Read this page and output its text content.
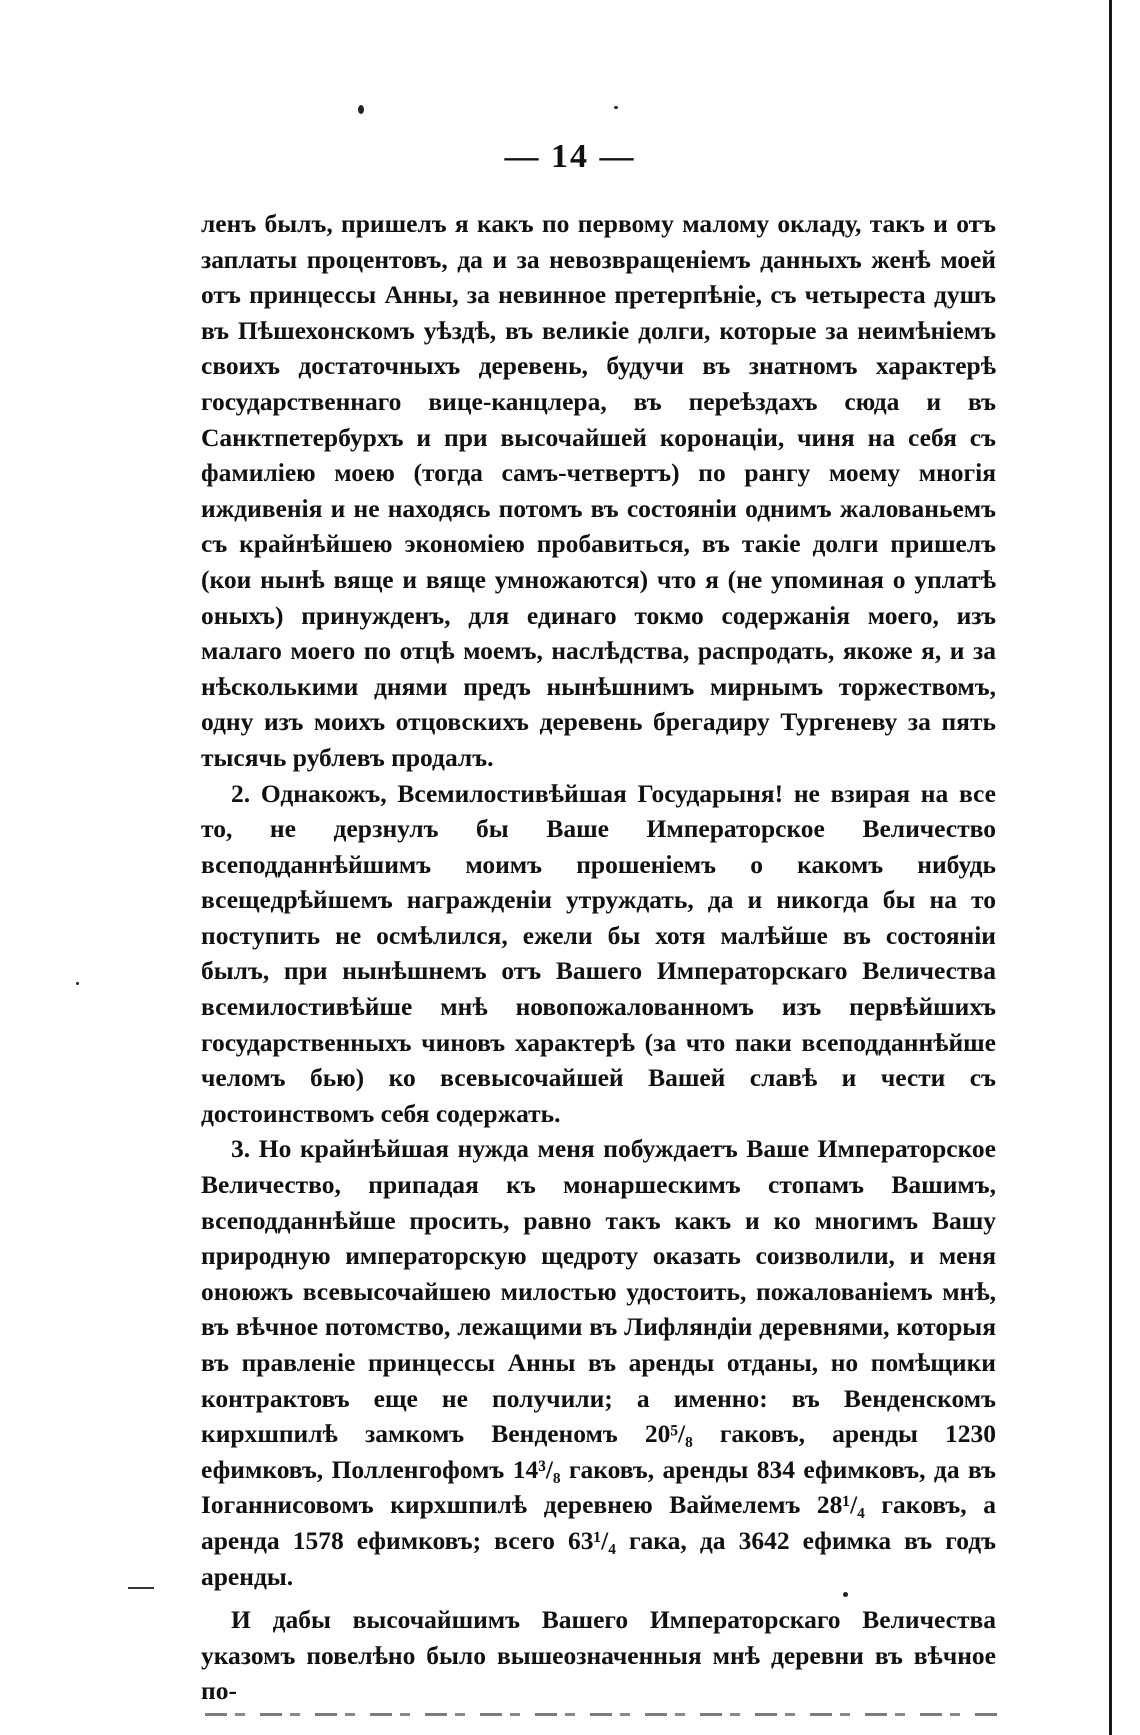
— 14 —

ленъ былъ, пришелъ я какъ по первому малому окладу, такъ и отъ заплаты процентовъ, да и за невозвращеніемъ данныхъ женѣ моей отъ принцессы Анны, за невинное претерпѣніе, съ четыреста душъ въ Пѣшехонскомъ уѣздѣ, въ великіе долги, которые за неимѣніемъ своихъ достаточныхъ деревень, будучи въ знатномъ характерѣ государственнаго вице-канцлера, въ переѣздахъ сюда и въ Санктпетербурхъ и при высочайшей коронаціи, чиня на себя съ фамиліею моею (тогда самъ-четвертъ) по рангу моему многія иждивенія и не находясь потомъ въ состояніи однимъ жалованьемъ съ крайнѣйшею экономіею пробавиться, въ такіе долги пришелъ (кои нынѣ вяще и вяще умножаются) что я (не упоминая о уплатѣ оныхъ) принужденъ, для единаго токмо содержанія моего, изъ малаго моего по отцѣ моемъ, наслѣдства, распродать, якоже я, и за нѣсколькими днями предъ нынѣшнимъ мирнымъ торжествомъ, одну изъ моихъ отцовскихъ деревень брегадиру Тургеневу за пять тысячь рублевъ продалъ.

2. Однакожъ, Всемилостивѣйшая Государыня! не взирая на все то, не дерзнулъ бы Ваше Императорское Величество всеподданнѣйшимъ моимъ прошеніемъ о какомъ нибудь всещедрѣйшемъ награжденіи утруждать, да и никогда бы на то поступить не осмѣлился, ежели бы хотя малѣйше въ состояніи былъ, при нынѣшнемъ отъ Вашего Императорскаго Величества всемилостивѣйше мнѣ новопожалованномъ изъ первѣйшихъ государственныхъ чиновъ характерѣ (за что паки всеподданнѣйше челомъ бью) ко всевысочайшей Вашей славѣ и чести съ достоинствомъ себя содержать.

3. Но крайнѣйшая нужда меня побуждаетъ Ваше Императорское Величество, припадая къ монаршескимъ стопамъ Вашимъ, всеподданнѣйше просить, равно такъ какъ и ко многимъ Вашу природную императорскую щедроту оказать соизволили, и меня онoюжъ всевысочайшею милостью удостоить, пожалованіемъ мнѣ, въ вѣчное потомство, лежащими въ Лифляндіи деревнями, которыя въ правленіе принцессы Анны въ аренды отданы, но помѣщики контрактовъ еще не получили; а именно: въ Венденскомъ кирхшпилѣ замкомъ Венденомъ 20⁵/₈ гаковъ, аренды 1230 ефимковъ, Полленгофомъ 14³/₈ гаковъ, аренды 834 ефимковъ, да въ Іоганнисовомъ кирхшпилѣ деревнею Ваймелемъ 28¹/₄ гаковъ, а аренда 1578 ефимковъ; всего 63¹/₄ гака, да 3642 ефимка въ годъ аренды.

И дабы высочайшимъ Вашего Императорскаго Величества указомъ повелѣно было вышеозначенныя мнѣ деревни въ вѣчное по-
